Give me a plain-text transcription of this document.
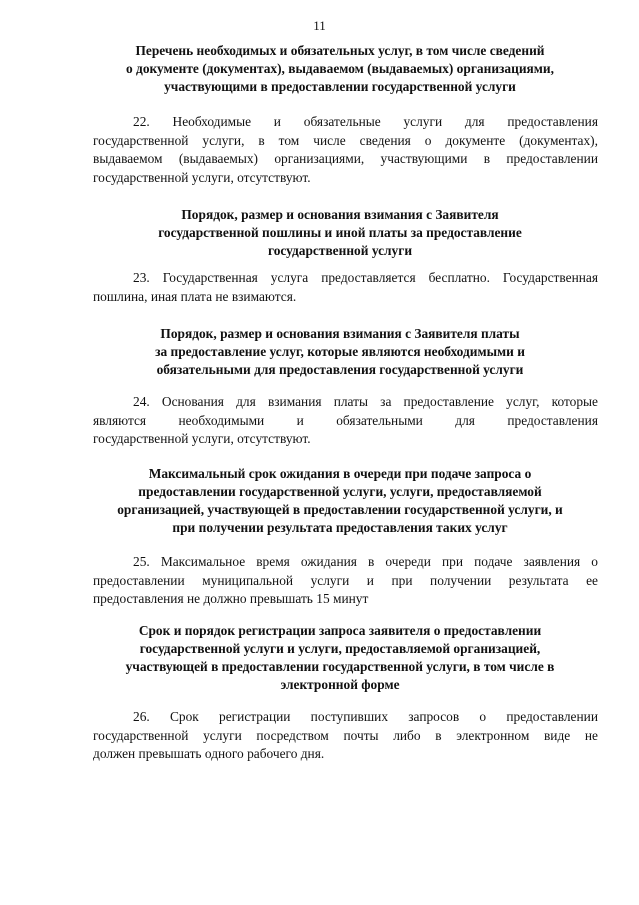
11
Перечень необходимых и обязательных услуг, в том числе сведений
о документе (документах), выдаваемом (выдаваемых) организациями,
участвующими в предоставлении государственной услуги
22. Необходимые и обязательные услуги для предоставления
государственной услуги, в том числе сведения о документе (документах),
выдаваемом (выдаваемых) организациями, участвующими в предоставлении
государственной услуги, отсутствуют.
Порядок, размер и основания взимания с Заявителя
государственной пошлины и иной платы за предоставление
государственной услуги
23. Государственная услуга предоставляется бесплатно. Государственная
пошлина, иная плата не взимаются.
Порядок, размер и основания взимания с Заявителя платы
за предоставление услуг, которые являются необходимыми и
обязательными для предоставления государственной услуги
24. Основания для взимания платы за предоставление услуг, которые
являются необходимыми и обязательными для предоставления
государственной услуги, отсутствуют.
Максимальный срок ожидания в очереди при подаче запроса о
предоставлении государственной услуги, услуги, предоставляемой
организацией, участвующей в предоставлении государственной услуги, и
при получении результата предоставления таких услуг
25. Максимальное время ожидания в очереди при подаче заявления о
предоставлении муниципальной услуги и при получении результата ее
предоставления не должно превышать 15 минут
Срок и порядок регистрации запроса заявителя о предоставлении
государственной услуги и услуги, предоставляемой организацией,
участвующей в предоставлении государственной услуги, в том числе в
электронной форме
26. Срок регистрации поступивших запросов о предоставлении
государственной услуги посредством почты либо в электронном виде не
должен превышать одного рабочего дня.
